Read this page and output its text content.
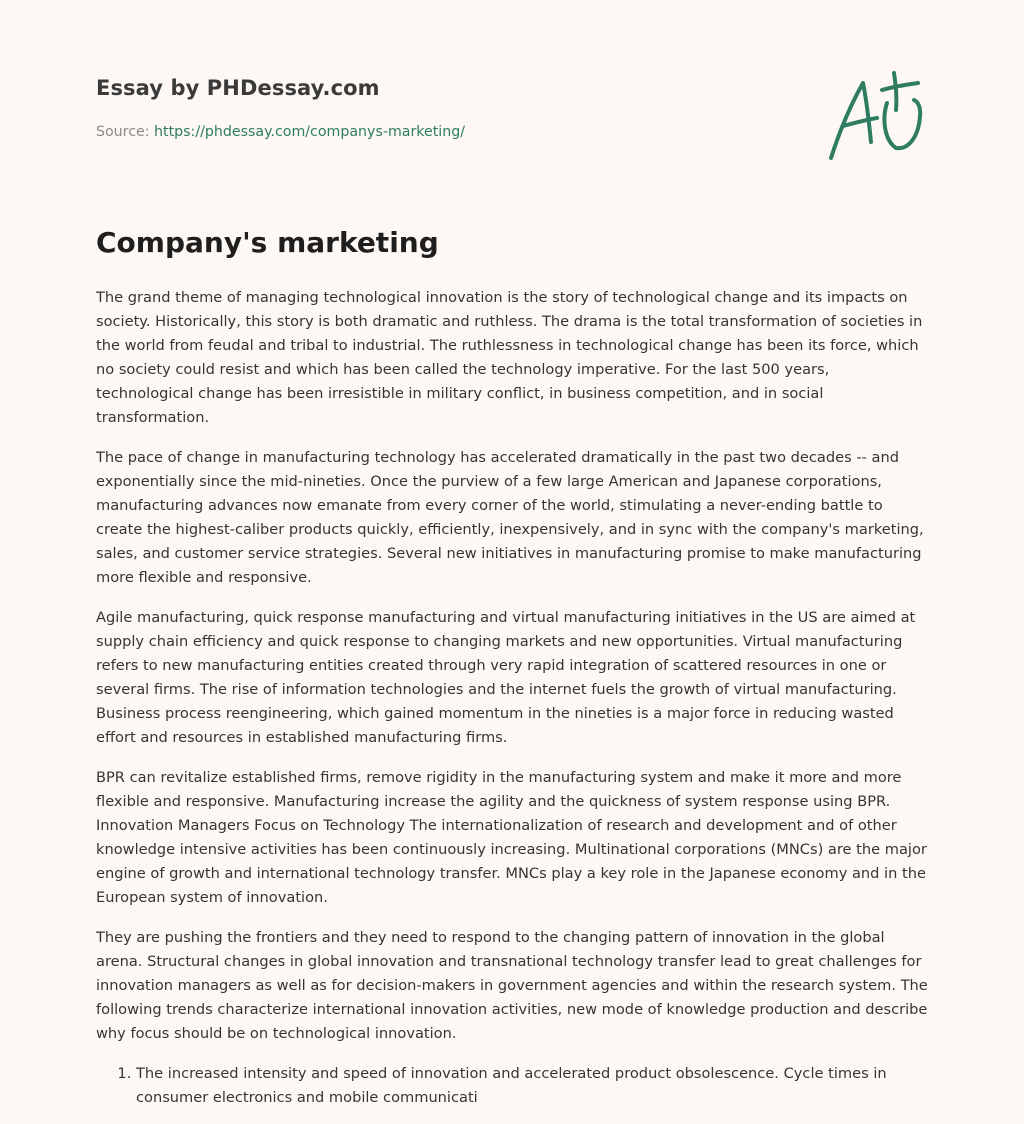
Essay by PHDessay.com
Source: https://phdessay.com/companys-marketing/
Company's marketing

The grand theme of managing technological innovation is the story of technological change and its impacts on society. Historically, this story is both dramatic and ruthless. The drama is the total transformation of societies in the world from feudal and tribal to industrial. The ruthlessness in technological change has been its force, which no society could resist and which has been called the technology imperative. For the last 500 years, technological change has been irresistible in military conflict, in business competition, and in social transformation.

The pace of change in manufacturing technology has accelerated dramatically in the past two decades -- and exponentially since the mid-nineties. Once the purview of a few large American and Japanese corporations, manufacturing advances now emanate from every corner of the world, stimulating a never-ending battle to create the highest-caliber products quickly, efficiently, inexpensively, and in sync with the company's marketing, sales, and customer service strategies. Several new initiatives in manufacturing promise to make manufacturing more flexible and responsive.

Agile manufacturing, quick response manufacturing and virtual manufacturing initiatives in the US are aimed at supply chain efficiency and quick response to changing markets and new opportunities. Virtual manufacturing refers to new manufacturing entities created through very rapid integration of scattered resources in one or several firms. The rise of information technologies and the internet fuels the growth of virtual manufacturing. Business process reengineering, which gained momentum in the nineties is a major force in reducing wasted effort and resources in established manufacturing firms.

BPR can revitalize established firms, remove rigidity in the manufacturing system and make it more and more flexible and responsive. Manufacturing increase the agility and the quickness of system response using BPR. Innovation Managers Focus on Technology The internationalization of research and development and of other knowledge intensive activities has been continuously increasing. Multinational corporations (MNCs) are the major engine of growth and international technology transfer. MNCs play a key role in the Japanese economy and in the European system of innovation.

They are pushing the frontiers and they need to respond to the changing pattern of innovation in the global arena. Structural changes in global innovation and transnational technology transfer lead to great challenges for innovation managers as well as for decision-makers in government agencies and within the research system. The following trends characterize international innovation activities, new mode of knowledge production and describe why focus should be on technological innovation.

1. The increased intensity and speed of innovation and accelerated product obsolescence. Cycle times in consumer electronics and mobile communicati
